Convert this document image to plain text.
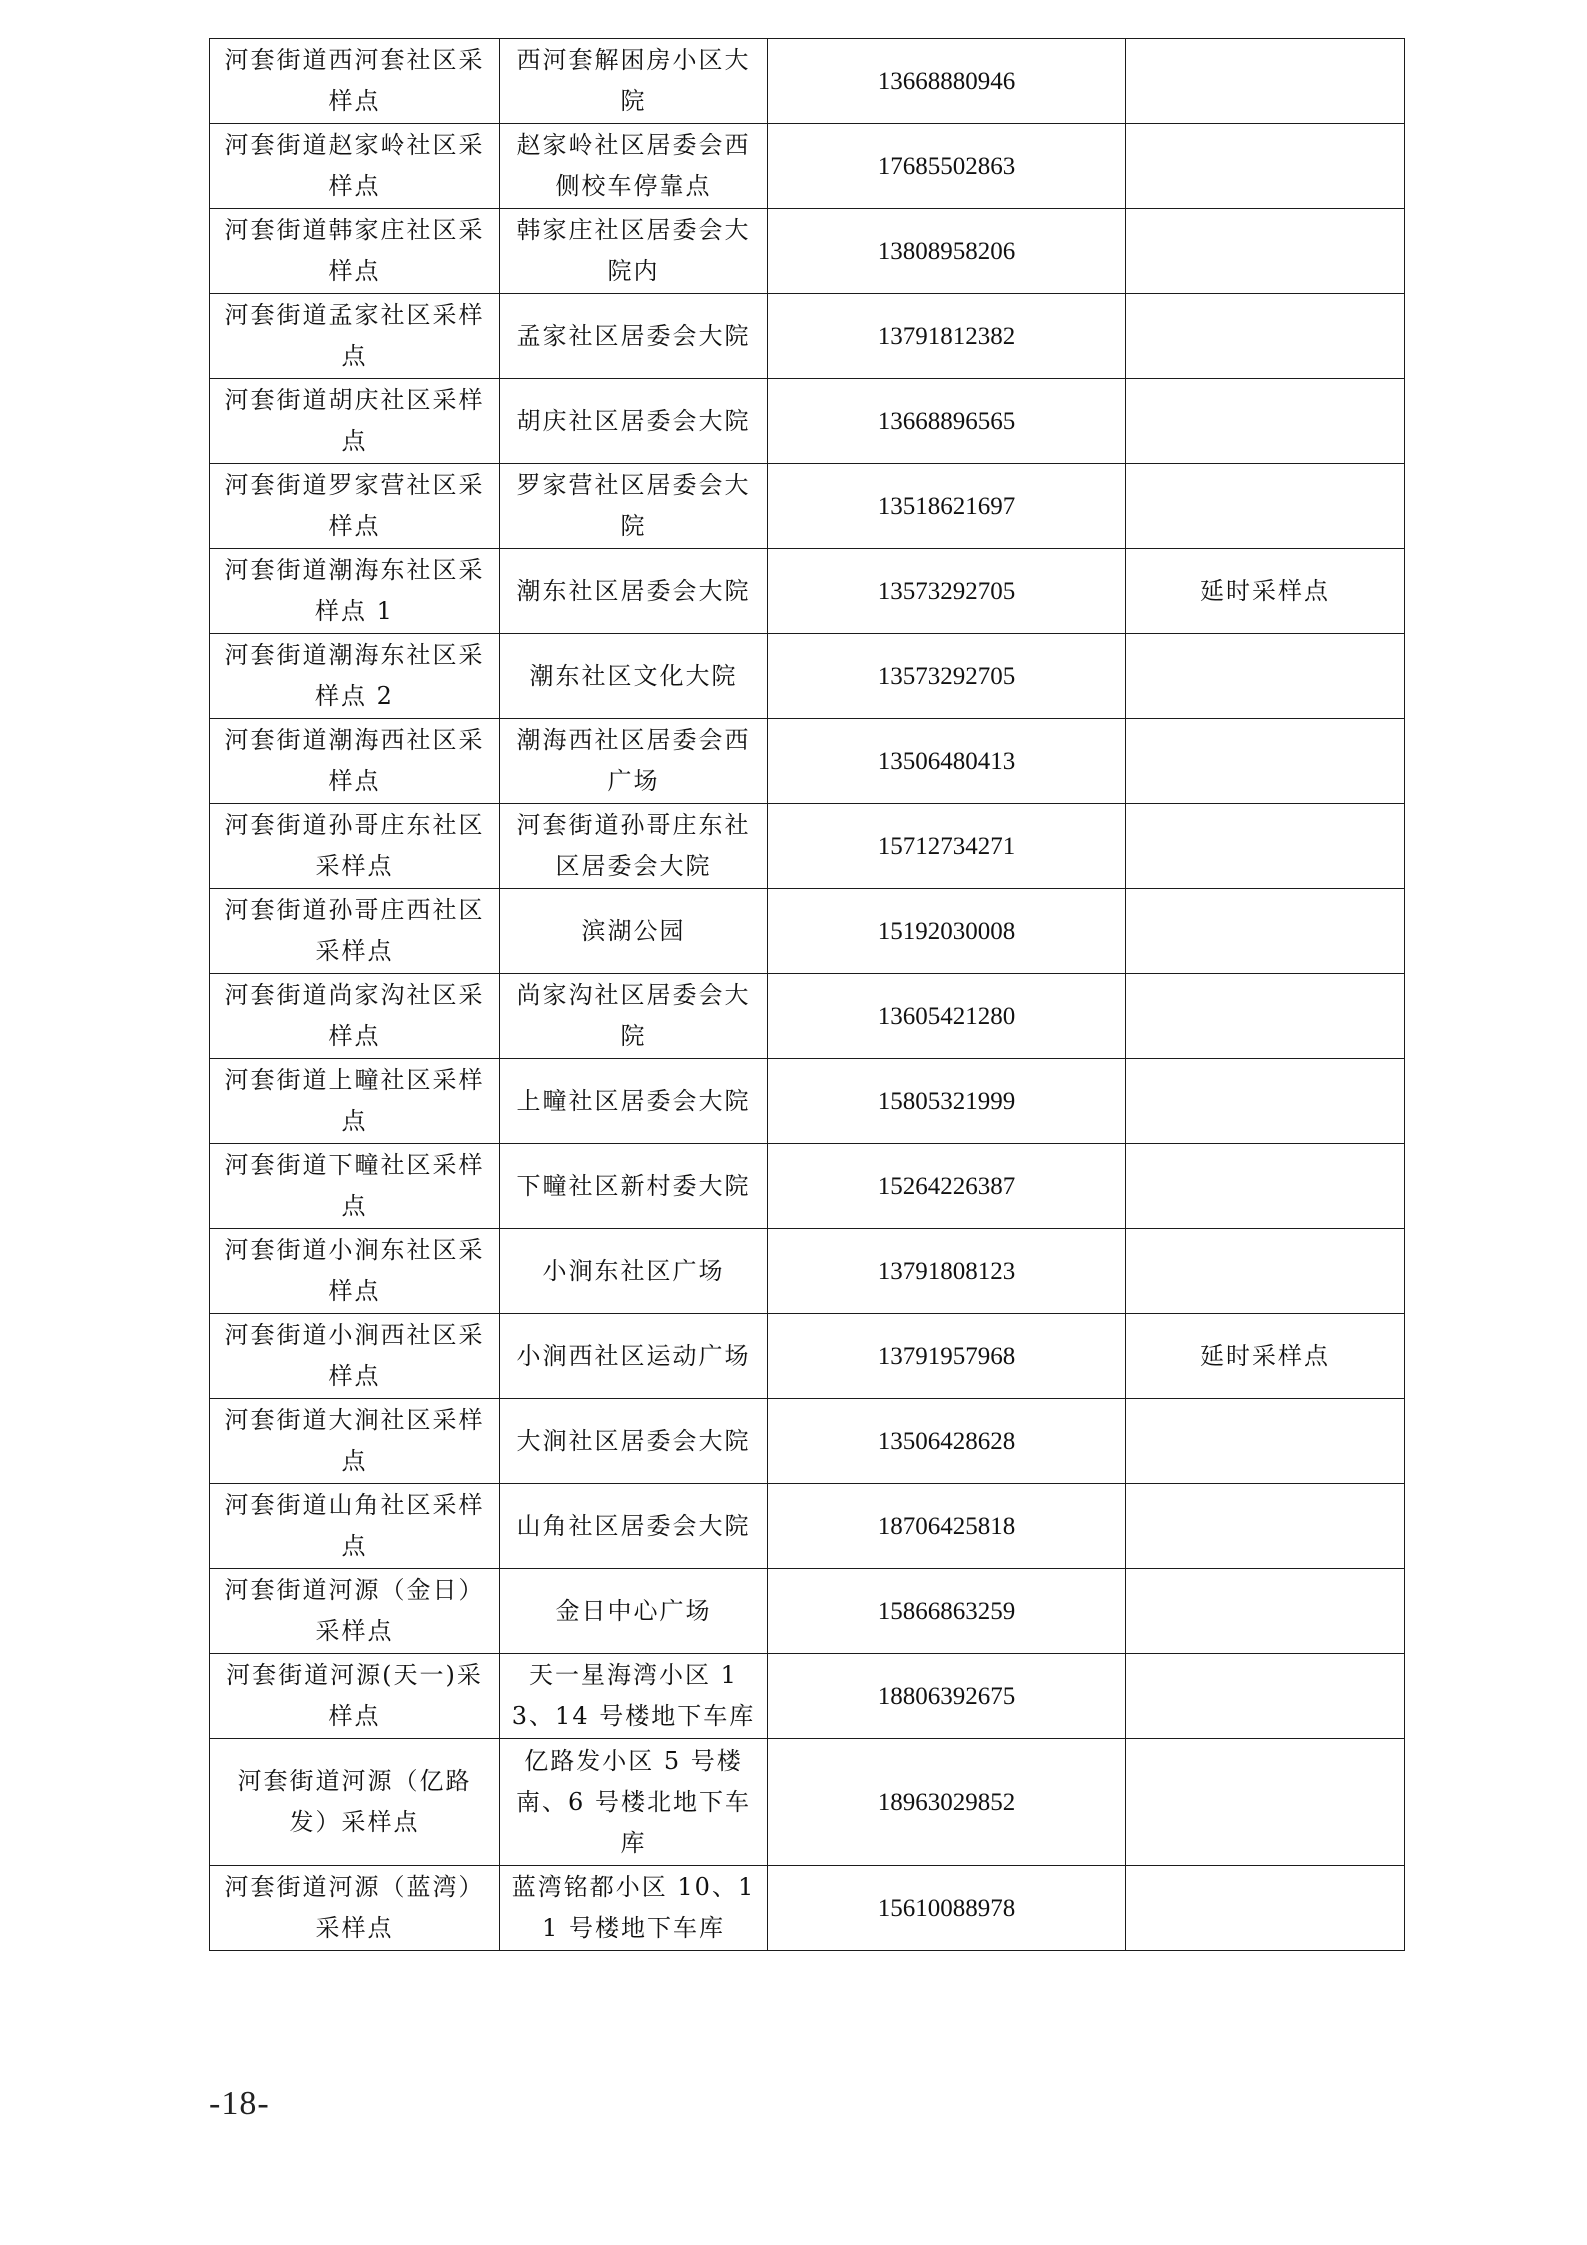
河套街道西河套社区采样点	西河套解困房小区大院	13668880946	
河套街道赵家岭社区采样点	赵家岭社区居委会西侧校车停靠点	17685502863	
河套街道韩家庄社区采样点	韩家庄社区居委会大院内	13808958206	
河套街道孟家社区采样点	孟家社区居委会大院	13791812382	
河套街道胡庆社区采样点	胡庆社区居委会大院	13668896565	
河套街道罗家营社区采样点	罗家营社区居委会大院	13518621697	
河套街道潮海东社区采样点 1	潮东社区居委会大院	13573292705	延时采样点
河套街道潮海东社区采样点 2	潮东社区文化大院	13573292705	
河套街道潮海西社区采样点	潮海西社区居委会西广场	13506480413	
河套街道孙哥庄东社区采样点	河套街道孙哥庄东社区居委会大院	15712734271	
河套街道孙哥庄西社区采样点	滨湖公园	15192030008	
河套街道尚家沟社区采样点	尚家沟社区居委会大院	13605421280	
河套街道上疃社区采样点	上疃社区居委会大院	15805321999	
河套街道下疃社区采样点	下疃社区新村委大院	15264226387	
河套街道小涧东社区采样点	小涧东社区广场	13791808123	
河套街道小涧西社区采样点	小涧西社区运动广场	13791957968	延时采样点
河套街道大涧社区采样点	大涧社区居委会大院	13506428628	
河套街道山角社区采样点	山角社区居委会大院	18706425818	
河套街道河源（金日）采样点	金日中心广场	15866863259	
河套街道河源(天一)采样点	天一星海湾小区 13、14 号楼地下车库	18806392675	
河套街道河源（亿路发）采样点	亿路发小区 5 号楼南、6 号楼北地下车库	18963029852	
河套街道河源（蓝湾）采样点	蓝湾铭都小区 10、11 号楼地下车库	15610088978	
-18-
